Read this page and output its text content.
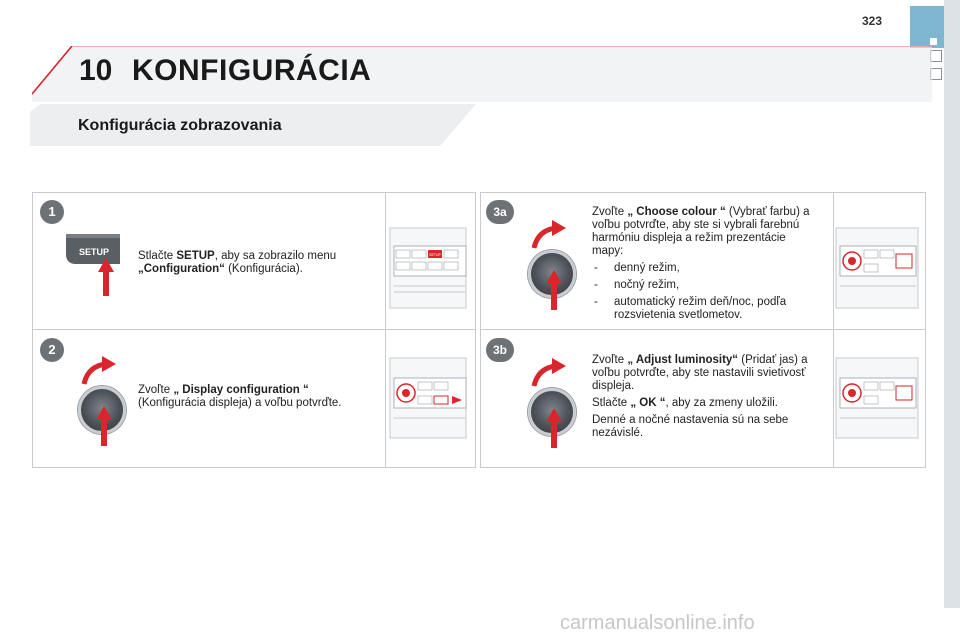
323
10 KONFIGURÁCIA
Konfigurácia zobrazovania
1
SETUP	Stlačte SETUP, aby sa zobrazilo menu „Configuration“ (Konfigurácia).
2
Zvoľte „ Display configuration “ (Konfigurácia displeja) a voľbu potvrďte.
3a	Zvoľte „ Choose colour “ (Vybrať farbu) a voľbu potvrďte, aby ste si vybrali farebnú harmóniu displeja a režim prezentácie mapy:

- denný režim,
- nočný režim,
- automatický režim deň/noc, podľa rozsvietenia svetlometov.
3b

Zvoľte „ Adjust luminosity“ (Pridať jas) a voľbu potvrďte, aby ste nastavili svietivosť displeja.

Stlačte „ OK “, aby za zmeny uložili.

Denné a nočné nastavenia sú na sebe nezávislé.

SETUP
carmanualsonline.info
